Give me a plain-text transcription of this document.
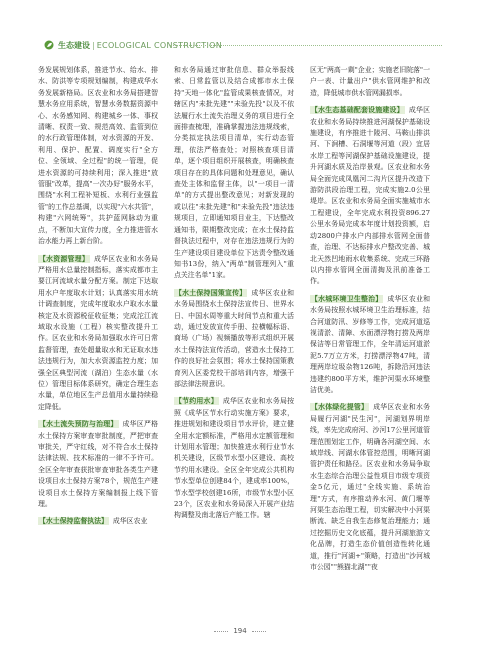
生态建设 | ECOLOGICAL CONSTRUCTION

务发展规划体系，推进节水、给水、排水、防洪等专项规划编制，构建成华水务发展新格局。区农业和水务局搭建智慧水务应用系统，智慧水务数据资源中心、水务感知网、构建城乡一体、事权清晰、权责一致、规范高效、监管到位的水行政管理体制，对水资源的开发、利用、保护、配置、调度实行"全方位、全领域、全过程"的统一管理，促进水资源的可持续利用；深入推进"放管服"改革，提高"一次办好"服务水平，围绕"水利工程补短板、水利行业强监管"的工作总基调，以实现"六水共管"，构建"六网统筹"，共护蓝网脉动为重点，不断加大宣传力度，全力推进管水治水能力再上新台阶。

【水资源管理】 成华区农业和水务局严格用水总量控制指标，落实成都市主要江河流域水量分配方案。制定下达取用水户年度取水计划；认真落实用水统计调查制度，完成年度取水户取水水量核定及水资源税征收征集；完成沱江流域取水设施（工程）核实整改提升工作。区农业和水务局加强取水许可日常监督管理，查处超量取水和无证取水违法违规行为，加大水资源监控力度；加强全区典型河流（湖泊）生态水量（水位）管理目标体系研究，确定合理生态水量，单位地区生产总值用水量持续稳定降低。

【水土流失预防与治理】 成华区严格水土保持方案审查审批制度，严把审查审批关，严守红线，对不符合水土保持法律法规、技术标准的一律不予许可。全区全年审查获批审查审批各类生产建设项目水土保持方案78个，规范生产建设项目水土保持方案编制报上线下管理。

【水土保持监督执法】 成华区农业

和水务局通过审批信息、群众举报线索、日常监管以及结合成都市水土保持"天地一体化"监管成果核查情况，对辖区内"未批先建""未验先投"以及不依法履行水土流失治理义务的项目进行全面排查梳理，准确掌握违法违规线索，分类拟定执法项目清单，实行动态管理，依法严格查处；对照核查项目清单，逐个项目组织开展核查，明确核查项目存在的具体问题和处理意见，确认查处主体和监督主体，以"一项目一清单"的方式提出整改意见；对新发现的或以往"未批先建"和"未验先投"违法违规项目，立即通知项目业主，下达整改通知书，限期整改完成；在水土保持监督执法过程中，对存在违法违规行为的生产建设项目建设单位下达责令整改通知书13份，纳入"两单"制管理列入"重点关注名单"1家。

【水土保持国策宣传】 成华区农业和水务局围绕水土保持法宣传日、世界水日、中国水周等重大时间节点和重大活动，通过发放宣传手册、拉横幅标语、商场（广场）视频播放等形式组织开展水土保持法宣传活动，营造水土保持工作的良好社会氛围；将水土保持国策教育列入区委党校干部培训内容，增强干部法律法规意识。

【节约用水】 成华区农业和水务局按照《成华区节水行动实施方案》要求，推进规划和建设项目节水评价，建立健全用水定额标准，严格用水定额管理和计划用水管理；加快推进水利行业节水机关建设，区级节水型小区建设、高校节约用水建设。全区全年完成公共机构节水型单位创建84个，建成率100%，节水型学校创建16所，市级节水型小区23个，区农业和水务局深入开展产业结构调整及南北落后产能工作。辖

区无"两高一剩"企业；实施老旧院落"一户一表、计量出户"供水管网维护和改造，降低城市供水管网漏损率。

【水生态基础配套设施建设】 成华区农业和水务局持续推进河湖保护基础设施建设，有序推进十陵河、马鞍山排洪河、下涧槽、石洞堰等河道（段）宜居水岸工程等河湖保护基础设施建设，提升河湖水质及治岸景观。区农业和水务局全面完成凤凰河二沟片区提升改造下游防洪段治理工程，完成实施2.0公里堤岸。区农业和水务局全面实施城市水工程建设，全年完成水利投资896.27公里水务局完成本年度计划投资额，启动2800户排水户内部排水管网全面普查，治理、不达标排水户整改完善、城北天然凹地雨水收集系统、完成三环路以内排水管网全面清掏及汛前准备工作。

【水城环境卫生整治】 成华区农业和水务局按照水城环境卫生治理标准，结合河道防汛、岁修等工作，完成河道巡视清淤、清障、水面漂浮物打捞及两岸保洁等日常管理工作，全年清运河道淤泥5.7万立方米，打捞漂浮物47吨，清理两岸垃圾杂物126吨，拆除沿河违法违建约800平方米，维护河渠水环境整洁优美。

【水体绿化提管】 成华区农业和水务局履行河湖"民生河"，河湖划界明岸线，率先完成府河、沙河17公里河道管理范围划定工作，明确各河湖空间、水域岸线、河湖水体管控范围，明晰河湖管护责任和路径。区农业和水务局争取水生态综合治理公益性项目市级专项资金5亿元，通过"全线实施、系统治理"方式，有序推动养水河、黄门堰等河渠生态治理工程，切实解决中小河渠断流、缺乏自我生态修复治理能力；通过挖掘历史文化底蕴，提升河湖旅游文化品牌，打造生态价值创造性转化通道，推行"河湖+"策略，打造出"沙河城市公园""熊猫北湖""夜

194
